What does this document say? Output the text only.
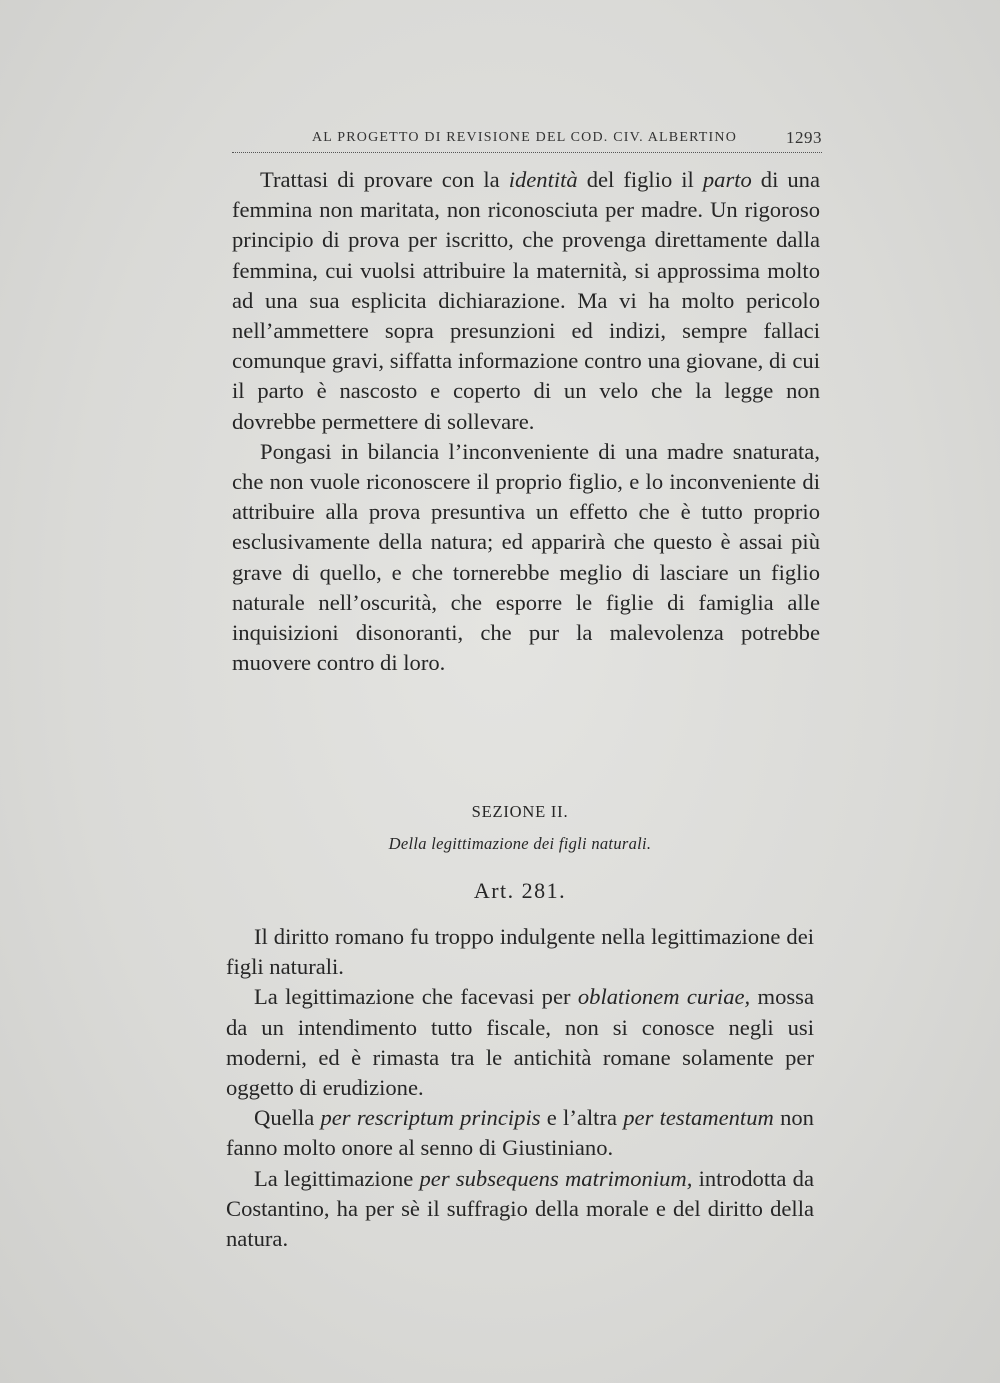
AL PROGETTO DI REVISIONE DEL COD. CIV. ALBERTINO	1293

Trattasi di provare con la identità del figlio il parto di una femmina non maritata, non riconosciuta per madre. Un rigoroso principio di prova per iscritto, che provenga direttamente dalla femmina, cui vuolsi attribuire la maternità, si approssima molto ad una sua esplicita dichiarazione. Ma vi ha molto pericolo nell’ammettere sopra presunzioni ed indizi, sempre fallaci comunque gravi, siffatta informazione contro una giovane, di cui il parto è nascosto e coperto di un velo che la legge non dovrebbe permettere di sollevare.

Pongasi in bilancia l’inconveniente di una madre snaturata, che non vuole riconoscere il proprio figlio, e lo inconveniente di attribuire alla prova presuntiva un effetto che è tutto proprio esclusivamente della natura; ed apparirà che questo è assai più grave di quello, e che tornerebbe meglio di lasciare un figlio naturale nell’oscurità, che esporre le figlie di famiglia alle inquisizioni disonoranti, che pur la malevolenza potrebbe muovere contro di loro.

SEZIONE II.
Della legittimazione dei figli naturali.
Art. 281.

Il diritto romano fu troppo indulgente nella legittimazione dei figli naturali.

La legittimazione che facevasi per oblationem curiae, mossa da un intendimento tutto fiscale, non si conosce negli usi moderni, ed è rimasta tra le antichità romane solamente per oggetto di erudizione.

Quella per rescriptum principis e l’altra per testamentum non fanno molto onore al senno di Giustiniano.

La legittimazione per subsequens matrimonium, introdotta da Costantino, ha per sè il suffragio della morale e del diritto della natura.
